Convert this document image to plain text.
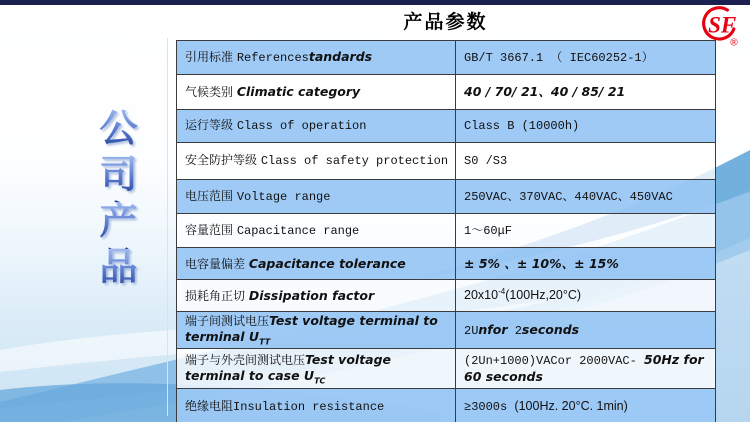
产品参数	SF
®
公司产品
引用标准 Referencestandards	GB/T 3667.1 （ IEC60252-1）
气候类别 Climatic category	40 / 70/ 21、40 / 85/ 21
运行等级 Class of operation	Class B (10000h)
安全防护等级 Class of safety protection	S0 /S3
电压范围 Voltage range	250VAC、370VAC、440VAC、450VAC
容量范围 Capacitance range	1～60μF
电容量偏差 Capacitance tolerance	± 5% 、± 10%、± 15%
损耗角正切 Dissipation factor	$20x10^{-4}(100Hz,20^\circ C)$
端子间测试电压Test voltage terminal to terminal $U_{TT}$	2Unfor 2seconds
端子与外壳间测试电压Test voltage terminal to case $U_{TC}$	(2Un+1000)VACor 2000VAC- 50Hz for 60 seconds
绝缘电阻Insulation resistance	≥3000s (100Hz. 20°C. 1min)
